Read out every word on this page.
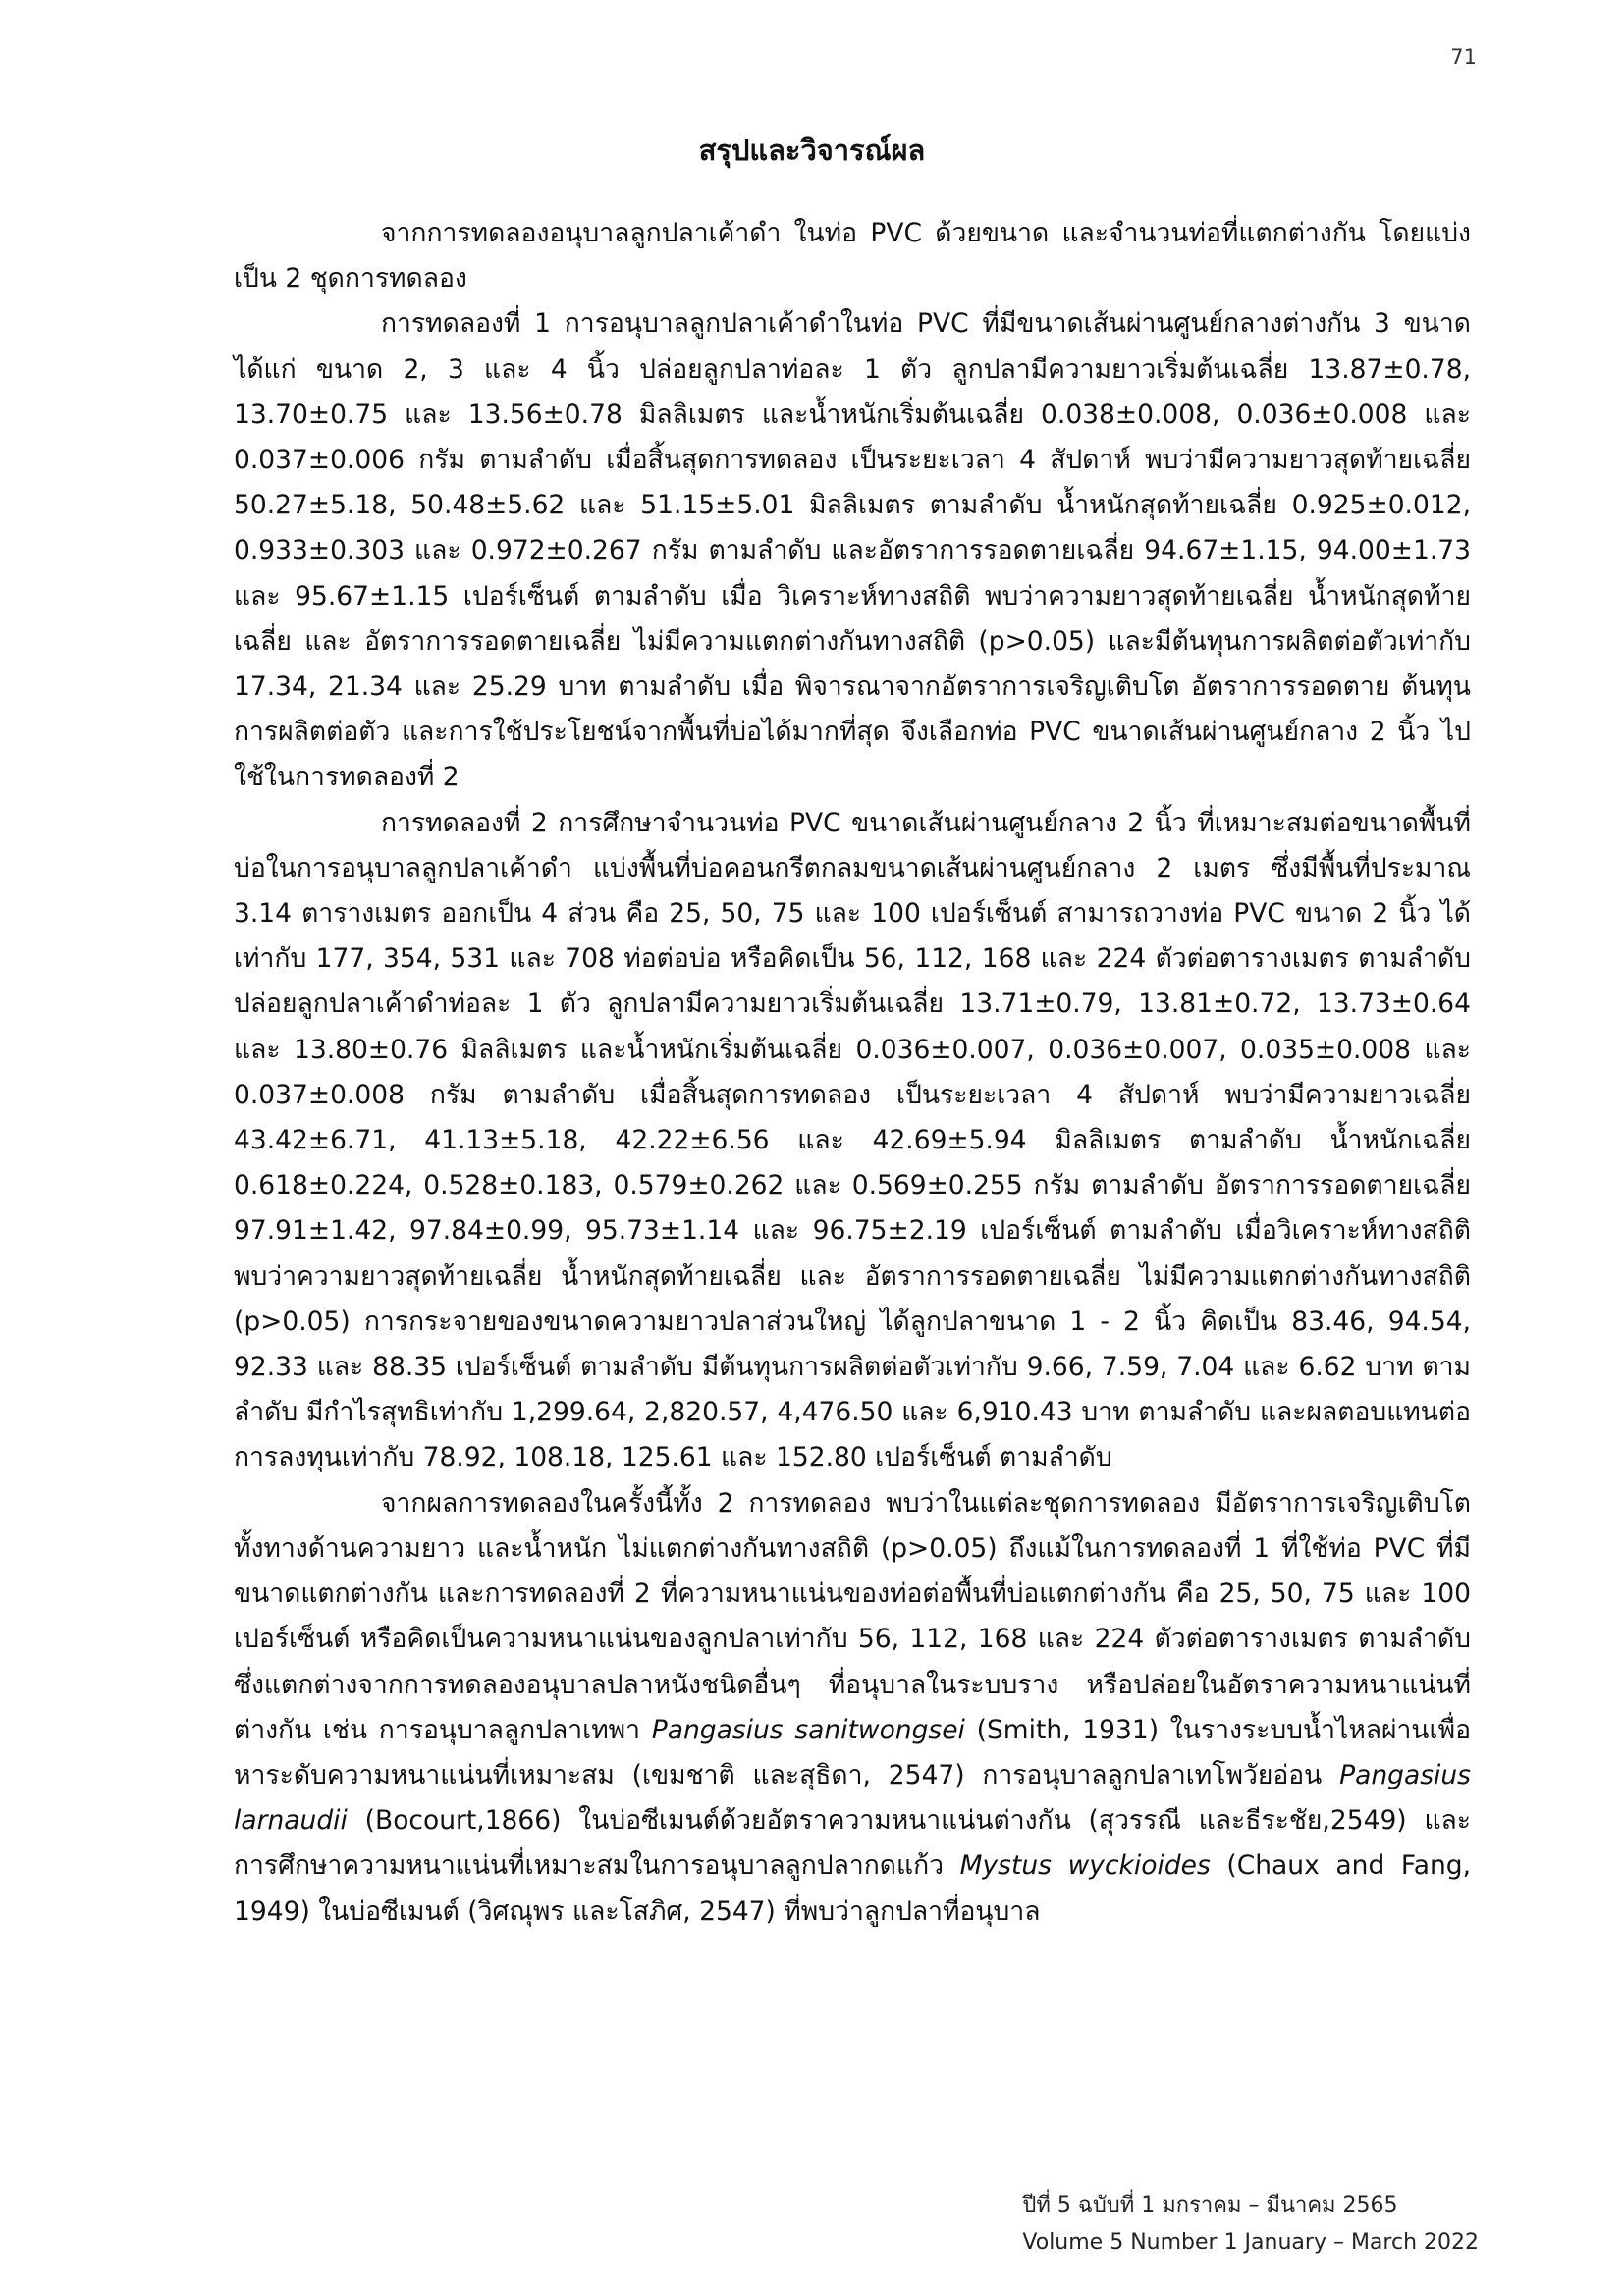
71
สรุปและวิจารณ์ผล

จากการทดลองอนุบาลลูกปลาเค้าดำ ในท่อ PVC ด้วยขนาด และจำนวนท่อที่แตกต่างกัน โดยแบ่งเป็น 2 ชุดการทดลอง

การทดลองที่ 1 การอนุบาลลูกปลาเค้าดำในท่อ PVC ที่มีขนาดเส้นผ่านศูนย์กลางต่างกัน 3 ขนาด ได้แก่ ขนาด 2, 3 และ 4 นิ้ว ปล่อยลูกปลาท่อละ 1 ตัว ลูกปลามีความยาวเริ่มต้นเฉลี่ย 13.87±0.78, 13.70±0.75 และ 13.56±0.78 มิลลิเมตร และน้ำหนักเริ่มต้นเฉลี่ย 0.038±0.008, 0.036±0.008 และ 0.037±0.006 กรัม ตามลำดับ เมื่อสิ้นสุดการทดลอง เป็นระยะเวลา 4 สัปดาห์ พบว่ามีความยาวสุดท้ายเฉลี่ย 50.27±5.18, 50.48±5.62 และ 51.15±5.01 มิลลิเมตร ตามลำดับ น้ำหนักสุดท้ายเฉลี่ย 0.925±0.012, 0.933±0.303 และ 0.972±0.267 กรัม ตามลำดับ และอัตราการรอดตายเฉลี่ย 94.67±1.15, 94.00±1.73 และ 95.67±1.15 เปอร์เซ็นต์ ตามลำดับ เมื่อ วิเคราะห์ทางสถิติ พบว่าความยาวสุดท้ายเฉลี่ย น้ำหนักสุดท้ายเฉลี่ย และ อัตราการรอดตายเฉลี่ย ไม่มีความแตกต่างกันทางสถิติ (p>0.05) และมีต้นทุนการผลิตต่อตัวเท่ากับ 17.34, 21.34 และ 25.29 บาท ตามลำดับ เมื่อ พิจารณาจากอัตราการเจริญเติบโต อัตราการรอดตาย ต้นทุนการผลิตต่อตัว และการใช้ประโยชน์จากพื้นที่บ่อได้มากที่สุด จึงเลือกท่อ PVC ขนาดเส้นผ่านศูนย์กลาง 2 นิ้ว ไปใช้ในการทดลองที่ 2

การทดลองที่ 2 การศึกษาจำนวนท่อ PVC ขนาดเส้นผ่านศูนย์กลาง 2 นิ้ว ที่เหมาะสมต่อขนาดพื้นที่บ่อในการอนุบาลลูกปลาเค้าดำ แบ่งพื้นที่บ่อคอนกรีตกลมขนาดเส้นผ่านศูนย์กลาง 2 เมตร ซึ่งมีพื้นที่ประมาณ 3.14 ตารางเมตร ออกเป็น 4 ส่วน คือ 25, 50, 75 และ 100 เปอร์เซ็นต์ สามารถวางท่อ PVC ขนาด 2 นิ้ว ได้เท่ากับ 177, 354, 531 และ 708 ท่อต่อบ่อ หรือคิดเป็น 56, 112, 168 และ 224 ตัวต่อตารางเมตร ตามลำดับ ปล่อยลูกปลาเค้าดำท่อละ 1 ตัว ลูกปลามีความยาวเริ่มต้นเฉลี่ย 13.71±0.79, 13.81±0.72, 13.73±0.64 และ 13.80±0.76 มิลลิเมตร และน้ำหนักเริ่มต้นเฉลี่ย 0.036±0.007, 0.036±0.007, 0.035±0.008 และ 0.037±0.008 กรัม ตามลำดับ เมื่อสิ้นสุดการทดลอง เป็นระยะเวลา 4 สัปดาห์ พบว่ามีความยาวเฉลี่ย 43.42±6.71, 41.13±5.18, 42.22±6.56 และ 42.69±5.94 มิลลิเมตร ตามลำดับ น้ำหนักเฉลี่ย 0.618±0.224, 0.528±0.183, 0.579±0.262 และ 0.569±0.255 กรัม ตามลำดับ อัตราการรอดตายเฉลี่ย 97.91±1.42, 97.84±0.99, 95.73±1.14 และ 96.75±2.19 เปอร์เซ็นต์ ตามลำดับ เมื่อวิเคราะห์ทางสถิติ พบว่าความยาวสุดท้ายเฉลี่ย น้ำหนักสุดท้ายเฉลี่ย และ อัตราการรอดตายเฉลี่ย ไม่มีความแตกต่างกันทางสถิติ (p>0.05) การกระจายของขนาดความยาวปลาส่วนใหญ่ ได้ลูกปลาขนาด 1 - 2 นิ้ว คิดเป็น 83.46, 94.54, 92.33 และ 88.35 เปอร์เซ็นต์ ตามลำดับ มีต้นทุนการผลิตต่อตัวเท่ากับ 9.66, 7.59, 7.04 และ 6.62 บาท ตามลำดับ มีกำไรสุทธิเท่ากับ 1,299.64, 2,820.57, 4,476.50 และ 6,910.43 บาท ตามลำดับ และผลตอบแทนต่อการลงทุนเท่ากับ 78.92, 108.18, 125.61 และ 152.80 เปอร์เซ็นต์ ตามลำดับ

จากผลการทดลองในครั้งนี้ทั้ง 2 การทดลอง พบว่าในแต่ละชุดการทดลอง มีอัตราการเจริญเติบโตทั้งทางด้านความยาว และน้ำหนัก ไม่แตกต่างกันทางสถิติ (p>0.05) ถึงแม้ในการทดลองที่ 1 ที่ใช้ท่อ PVC ที่มีขนาดแตกต่างกัน และการทดลองที่ 2 ที่ความหนาแน่นของท่อต่อพื้นที่บ่อแตกต่างกัน คือ 25, 50, 75 และ 100 เปอร์เซ็นต์ หรือคิดเป็นความหนาแน่นของลูกปลาเท่ากับ 56, 112, 168 และ 224 ตัวต่อตารางเมตร ตามลำดับ ซึ่งแตกต่างจากการทดลองอนุบาลปลาหนังชนิดอื่นๆ ที่อนุบาลในระบบราง หรือปล่อยในอัตราความหนาแน่นที่ต่างกัน เช่น การอนุบาลลูกปลาเทพา Pangasius sanitwongsei (Smith, 1931) ในรางระบบน้ำไหลผ่านเพื่อหาระดับความหนาแน่นที่เหมาะสม (เขมชาติ และสุธิดา, 2547) การอนุบาลลูกปลาเทโพวัยอ่อน Pangasius larnaudii (Bocourt,1866) ในบ่อซีเมนต์ด้วยอัตราความหนาแน่นต่างกัน (สุวรรณี และธีระชัย,2549) และ การศึกษาความหนาแน่นที่เหมาะสมในการอนุบาลลูกปลากดแก้ว Mystus wyckioides (Chaux and Fang, 1949) ในบ่อซีเมนต์ (วิศณุพร และโสภิศ, 2547) ที่พบว่าลูกปลาที่อนุบาล

ปีที่ 5 ฉบับที่ 1 มกราคม – มีนาคม 2565
Volume 5 Number 1 January – March 2022
